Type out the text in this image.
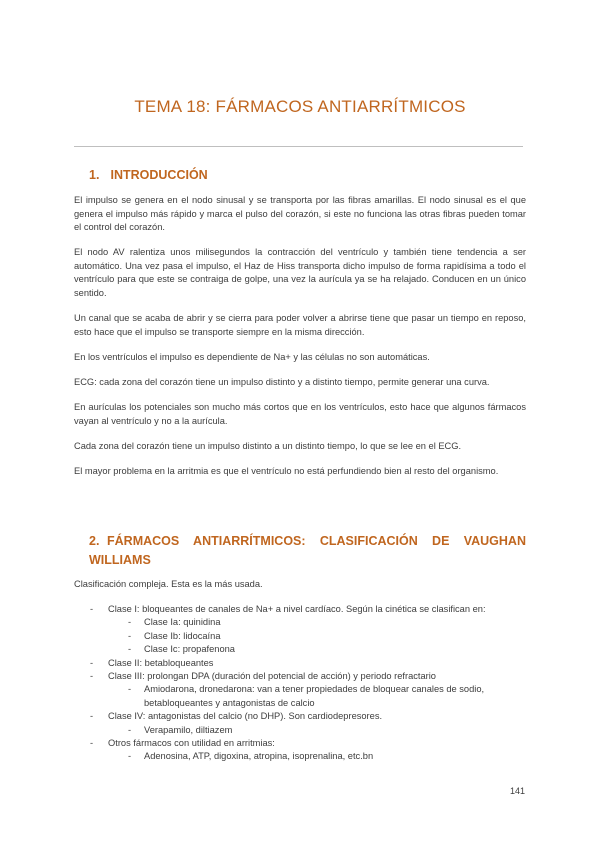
TEMA 18: FÁRMACOS ANTIARRÍTMICOS
1. INTRODUCCIÓN

El impulso se genera en el nodo sinusal y se transporta por las fibras amarillas. El nodo sinusal es el que genera el impulso más rápido y marca el pulso del corazón, si este no funciona las otras fibras pueden tomar el control del corazón.

El nodo AV ralentiza unos milisegundos la contracción del ventrículo y también tiene tendencia a ser automático. Una vez pasa el impulso, el Haz de Hiss transporta dicho impulso de forma rapidísima a todo el ventrículo para que este se contraiga de golpe, una vez la aurícula ya se ha relajado. Conducen en un único sentido.

Un canal que se acaba de abrir y se cierra para poder volver a abrirse tiene que pasar un tiempo en reposo, esto hace que el impulso se transporte siempre en la misma dirección.

En los ventrículos el impulso es dependiente de Na+ y las células no son automáticas.

ECG: cada zona del corazón tiene un impulso distinto y a distinto tiempo, permite generar una curva.

En aurículas los potenciales son mucho más cortos que en los ventrículos, esto hace que algunos fármacos vayan al ventrículo y no a la aurícula.

Cada zona del corazón tiene un impulso distinto a un distinto tiempo, lo que se lee en el ECG.

El mayor problema en la arritmia es que el ventrículo no está perfundiendo bien al resto del organismo.

2. FÁRMACOS ANTIARRÍTMICOS: CLASIFICACIÓN DE VAUGHAN WILLIAMS

Clasificación compleja. Esta es la más usada.

- Clase I: bloqueantes de canales de Na+ a nivel cardíaco. Según la cinética se clasifican en:
- Clase Ia: quinidina
- Clase Ib: lidocaína
- Clase Ic: propafenona
- Clase II: betabloqueantes
- Clase III: prolongan DPA (duración del potencial de acción) y periodo refractario
- Amiodarona, dronedarona: van a tener propiedades de bloquear canales de sodio, betabloqueantes y antagonistas de calcio
- Clase IV: antagonistas del calcio (no DHP). Son cardiodepresores.
- Verapamilo, diltiazem
- Otros fármacos con utilidad en arritmias:
- Adenosina, ATP, digoxina, atropina, isoprenalina, etc.bn
141
